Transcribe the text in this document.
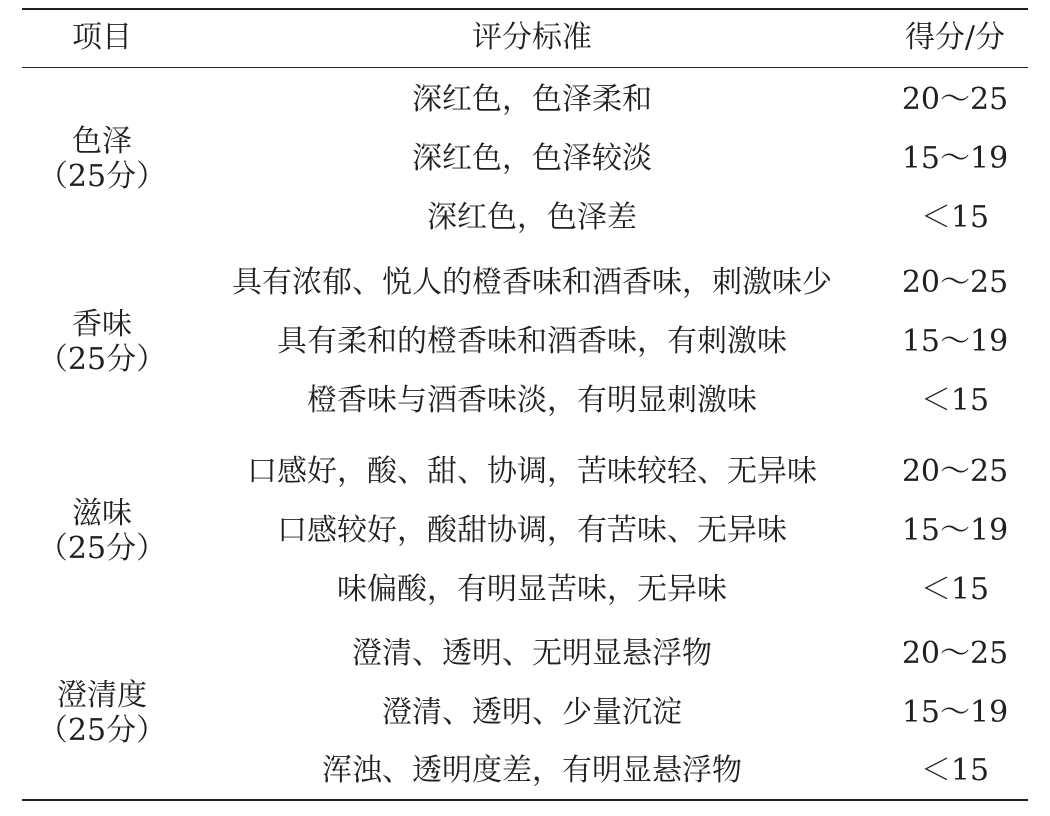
项目	评分标准	得分/分
色泽
（25分）
深红色，色泽柔和	20～25
深红色，色泽较淡	15～19
深红色，色泽差	＜15
香味
（25分）
具有浓郁、悦人的橙香味和酒香味，刺激味少	20～25
具有柔和的橙香味和酒香味，有刺激味	15～19
橙香味与酒香味淡，有明显刺激味	＜15
滋味
（25分）
口感好，酸、甜、协调，苦味较轻、无异味	20～25
口感较好，酸甜协调，有苦味、无异味	15～19
味偏酸，有明显苦味，无异味	＜15
澄清度
（25分）
澄清、透明、无明显悬浮物	20～25
澄清、透明、少量沉淀	15～19
浑浊、透明度差，有明显悬浮物	＜15
